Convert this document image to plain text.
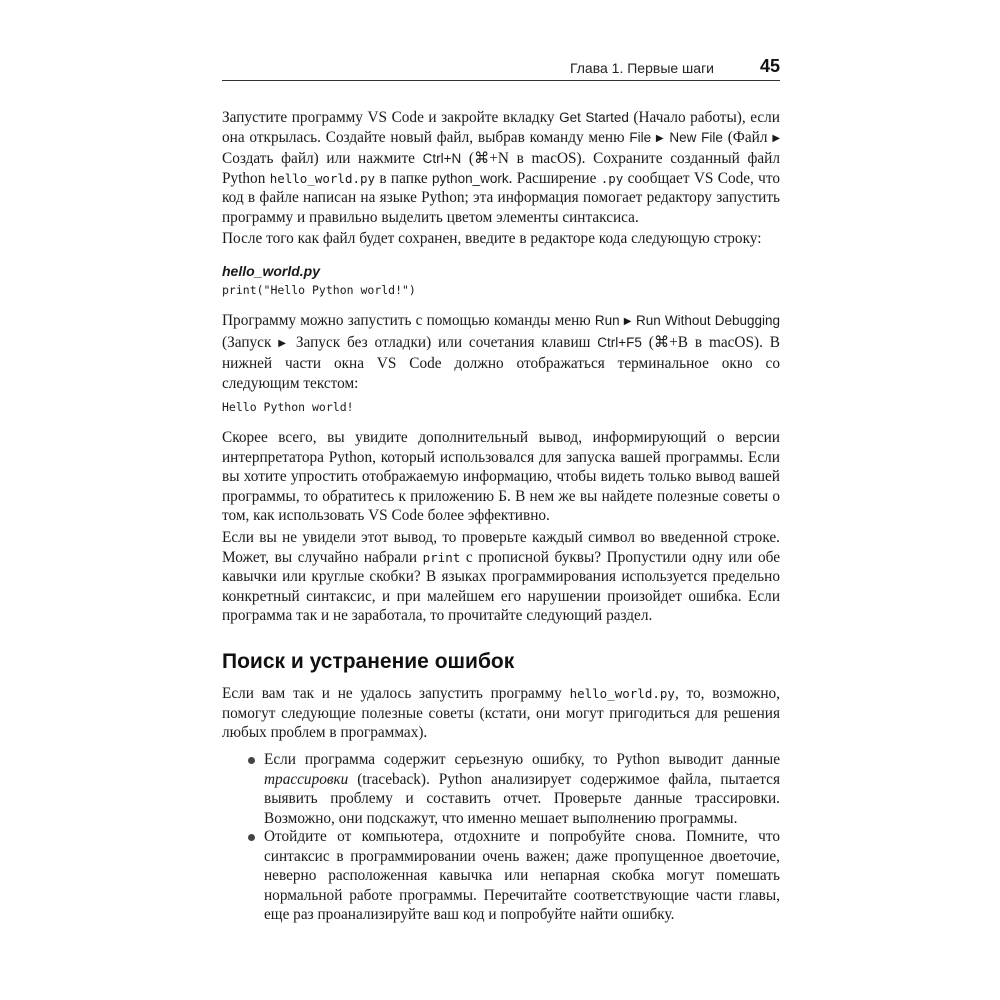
Глава 1. Первые шаги	45
Запустите программу VS Code и закройте вкладку Get Started (Начало работы), если она открылась. Создайте новый файл, выбрав команду меню File ▶ New File (Файл ▶ Создать файл) или нажмите Ctrl+N (⌘+N в macOS). Сохраните созданный файл Python hello_world.py в папке python_work. Расширение .py сообщает VS Code, что код в файле написан на языке Python; эта информация помогает редактору запустить программу и правильно выделить цветом элементы синтаксиса.
После того как файл будет сохранен, введите в редакторе кода следующую строку:
hello_world.py
print("Hello Python world!")
Программу можно запустить с помощью команды меню Run ▶ Run Without Debugging (Запуск ▶ Запуск без отладки) или сочетания клавиш Ctrl+F5 (⌘+B в macOS). В нижней части окна VS Code должно отображаться терминальное окно со следующим текстом:
Hello Python world!
Скорее всего, вы увидите дополнительный вывод, информирующий о версии интерпретатора Python, который использовался для запуска вашей программы. Если вы хотите упростить отображаемую информацию, чтобы видеть только вывод вашей программы, то обратитесь к приложению Б. В нем же вы найдете полезные советы о том, как использовать VS Code более эффективно.
Если вы не увидели этот вывод, то проверьте каждый символ во введенной строке. Может, вы случайно набрали print с прописной буквы? Пропустили одну или обе кавычки или круглые скобки? В языках программирования используется предельно конкретный синтаксис, и при малейшем его нарушении произойдет ошибка. Если программа так и не заработала, то прочитайте следующий раздел.
Поиск и устранение ошибок
Если вам так и не удалось запустить программу hello_world.py, то, возможно, помогут следующие полезные советы (кстати, они могут пригодиться для решения любых проблем в программах).
Если программа содержит серьезную ошибку, то Python выводит данные трассировки (traceback). Python анализирует содержимое файла, пытается выявить проблему и составить отчет. Проверьте данные трассировки. Возможно, они подскажут, что именно мешает выполнению программы.
Отойдите от компьютера, отдохните и попробуйте снова. Помните, что синтаксис в программировании очень важен; даже пропущенное двоеточие, неверно расположенная кавычка или непарная скобка могут помешать нормальной работе программы. Перечитайте соответствующие части главы, еще раз проанализируйте ваш код и попробуйте найти ошибку.
